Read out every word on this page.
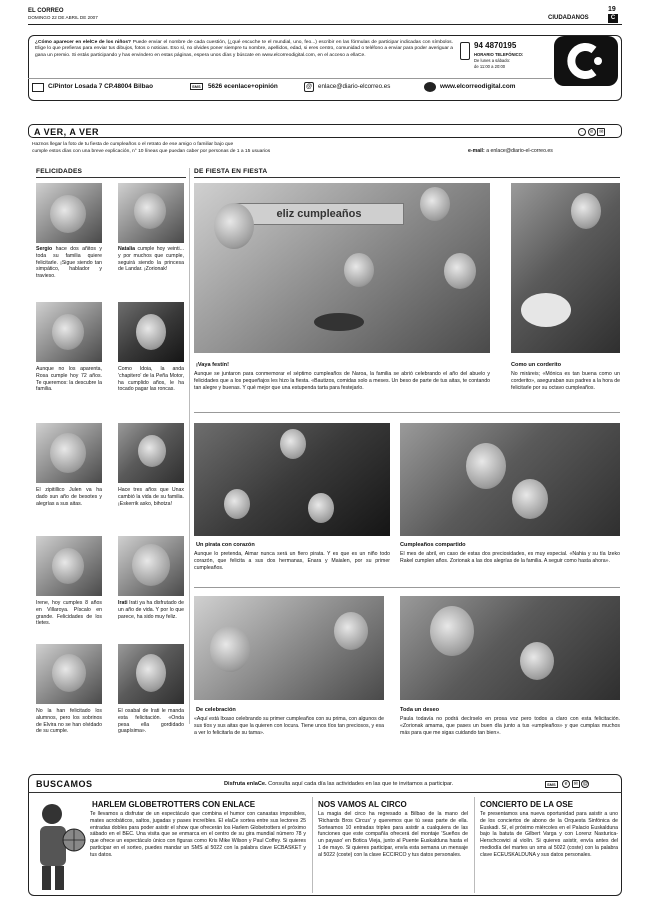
EL CORREO
DOMINGO 22 DE ABRIL DE 2007
19
CIUDADANOS	C
¿Cómo aparecer en elelCe de los niños? Puede enviar el nombre de cada cuestión, (¿qué escuche te el mundial, uno, feo...) escribir en las fórmulas de participar indicadas con símbolos. Elige lo que prefieras para enviar tus dibujos, fotos o noticias. Eso sí, no olvides poner siempre tu nombre, apellidos, edad, si eres centro, comunidad o teléfono a enviar para poder averiguar a gana un premio. Si estás participando y has envindero en estas páginas, espera unos días y búscate en www.elcorreodigital.com, en el acceso a ellaCe.
94 4870195
HORARIO TELEFÓNICO:
De lunes a sábado:
de 11:00 a 20:00
C/Pintor Losada 7 CP.48004 Bilbao	SMS	5626 ecenlace+opinión	@ enlace@diario-elcorreo.es	www.elcorreodigital.com
A VER, A VER	· e ✉
Haznos llegar la foto de tu fiesta de cumpleaños o el retrato de ese amigo o familiar bajo que
cumple estos días con una breve explicación, n° 10 líneas que puedan caber por personas de 1 a 15 usuarios	e-mail: a enlace@diario-el-correo.es
FELICIDADES	DE FIESTA EN FIESTA
Sergio hace dos añitos y toda su familia quiere felicitarle. ¡Sigue siendo tan simpático, hablador y travieso.
Natalia cumple hoy veinti... y por muchos que cumple, seguirá siendo la princesa de Landar. ¡Zorionak!
Aunque no los aparenta, Rosa cumple hoy 72 años. Te queremos: la descubre la familia.
Como Idoia, la anda 'chapitero' de la Peña Motor, ha cumplido años, le ha tocado pagar las roncas.
El zipitillico Julen va ha dado sun año de besotes y alegrías a sus aitas.
Hace tres años que Unax cambió la vida de su familia. ¡Eskerrik asko, bihotza!
Irene, hoy cumples 8 años en Villaroya. Píscalo en grande. Felicidades de los tíetes.
Irati Irati ya ha disfrutado de un año de vida. Y por lo que parece, ha sido muy feliz.
No la han felicitado los alumnos, pero los sobrinos de Elvira no se han olvidado de su cumple.
El osabal de Irati le manda esta felicitación. «Onda pesa ella gordidado guapísima».
eliz cumpleaños
¡Vaya festín!
Aunque se juntaron para conmemorar el séptimo cumpleaños de Naroa, la familia se abrió celebrando el año del abuelo y felicidades que a los pequeñajos les hizo la fiesta. «Bautizos, comidas solo a meses. Un beso de parte de tus aitas, te contando tan alegre y buenas. Y qué mejor que una estupenda tarta para festejarlo.
Como un corderito
No miráreis; «Mónica es tan buena como un corderito», aseguraban sus padres a la hora de felicitarle por su octavo cumpleaños.
Un pirata con corazón
Aunque lo pretenda, Aimar nunca será un fiero pirata. Y es que es un niño todo corazón, que felicita a sus dos hermanas, Enara y Maialen, por su primer cumpleaños.
Cumpleaños compartido
El mes de abril, en caso de estas dos preciosidades, es muy especial. «Nahia y su tía Izeko Rakel cumplen años. Zorionak a las dos alegrías de la familia. A seguir como hasta ahora».
De celebración
«Aquí está Itxaso celebrando su primer cumpleaños con su prima, con algunos de sus tíos y sus aitas que la quieren con locura. Tiene unos tíos tan preciosos, y esa a ver lo felicitarla de su tama».
Toda un deseo
Paula todavía no podrá decírselo en prosa voz pero todos a claro con esta felicitación. «Zorionak amama, que pases un buen día junto a tus «umpleaños» y que cumplas muchos más para que me sigas cuidando tan bien».
BUSCAMOS	Disfruta enlaCe. Consulta aquí cada día las actividades en las que te invitamos a participar.	SMS	e ✉ @
HARLEM GLOBETROTTERS CON ENLACE
Te llevamos a disfrutar de un espectáculo que combina el humor con canastas imposibles, mates acrobáticos, saltos, jugadas y pases increíbles. El elaCe sortea entre sus lectores 25 entradas dobles para poder asistir el show que ofrecerán los Harlem Globetrotters el próximo sábado en el BEC. Una visita que se enmarca en el centro de su gira mundial número 78 y que ofrece un espectáculo único con figuras como Kris Mike Wilson y Paul Coffey. Si quieres participar en el sorteo, puedes mandar un SMS al 5022 con la palabra clave ECBASKET y tus datos.
NOS VAMOS AL CIRCO
La magia del circo ha regresado a Bilbao de la mano del 'Richards Bros Circus' y queremos que tú seas parte de ella. Sorteamos 10 entradas triples para asistir a cualquiera de las funciones que este compañía ofrecerá del montaje 'Sueños de un payaso' en Botica Vieja, junto al Puente Euskalduna hasta el 1 de mayo. Si quieres participar, envía esta semana un mensaje al 5022 (coste) con la clave ECCIRCO y tus datos personales.
CONCIERTO DE LA OSE
Te presentamos una nueva oportunidad para asistir a uno de los conciertos de abono de la Orquesta Sinfónica de Euskadi. Sí, el próximo miércoles en el Palacio Euskalduna bajo la batuta de Gilbert Varga y con Lorenz Nasturica-Herschcowici al violín. Si quieres asistir, envía antes del mediodía del martes un sms al 5022 (coste) con la palabra clave ECEUSKALDUNA y sus datos personales.
